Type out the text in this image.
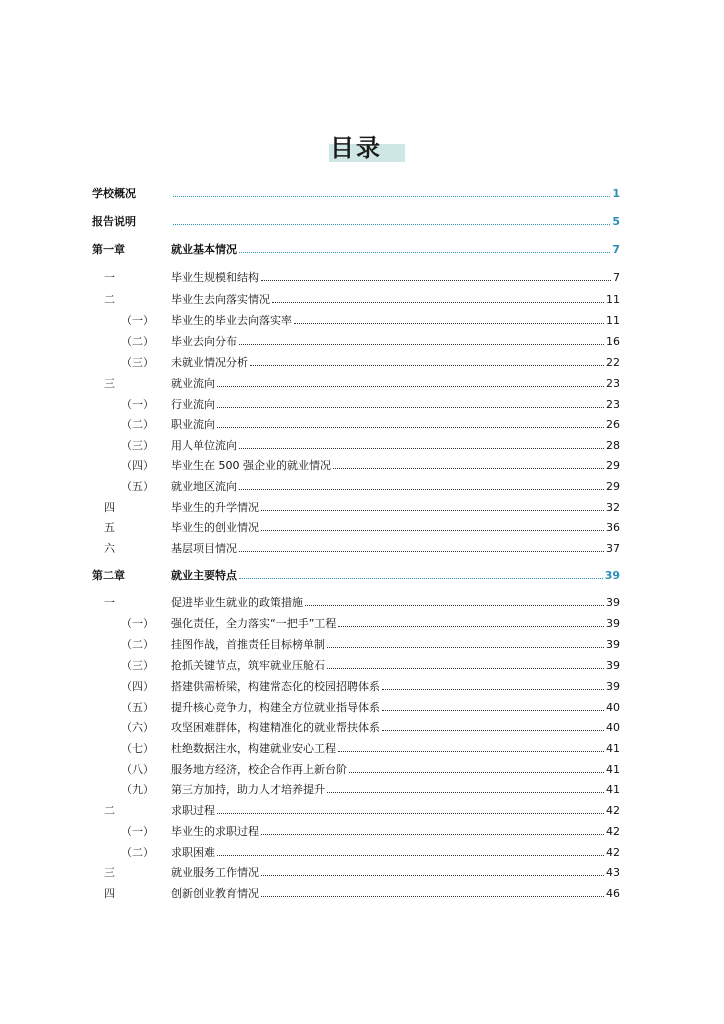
目录
学校概况	1
报告说明	5
第一章	就业基本情况	7
一	毕业生规模和结构	7
二	毕业生去向落实情况	11
（一） 毕业生的毕业去向落实率	11
（二） 毕业去向分布	16
（三） 未就业情况分析	22
三	就业流向	23
（一） 行业流向	23
（二） 职业流向	26
（三） 用人单位流向	28
（四） 毕业生在 500 强企业的就业情况	29
（五） 就业地区流向	29
四	毕业生的升学情况	32
五	毕业生的创业情况	36
六	基层项目情况	37
第二章	就业主要特点	39
一	促进毕业生就业的政策措施	39
（一） 强化责任，全力落实“一把手”工程	39
（二） 挂图作战，首推责任目标榜单制	39
（三） 抢抓关键节点，筑牢就业压舱石	39
（四） 搭建供需桥梁，构建常态化的校园招聘体系	39
（五） 提升核心竞争力，构建全方位就业指导体系	40
（六） 攻坚困难群体，构建精准化的就业帮扶体系	40
（七） 杜绝数据注水，构建就业安心工程	41
（八） 服务地方经济，校企合作再上新台阶	41
（九） 第三方加持，助力人才培养提升	41
二	求职过程	42
（一） 毕业生的求职过程	42
（二） 求职困难	42
三	就业服务工作情况	43
四	创新创业教育情况	46
